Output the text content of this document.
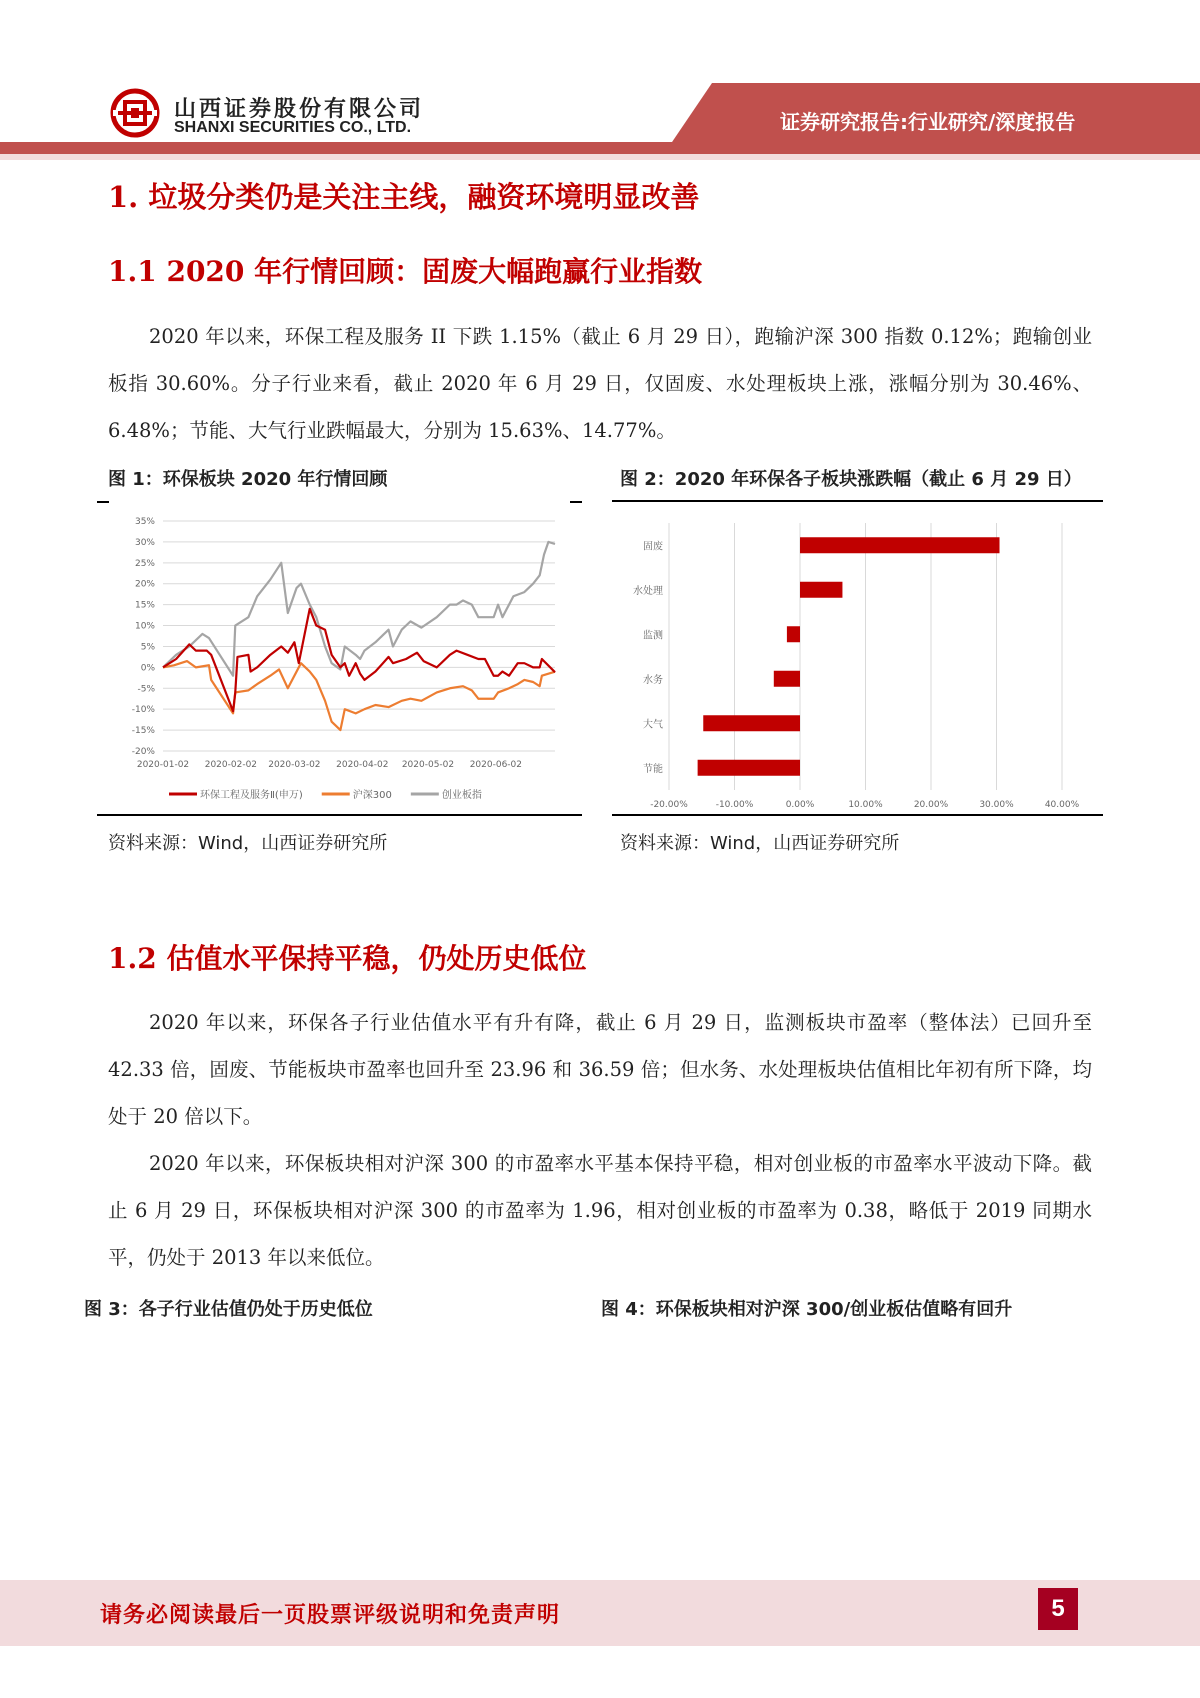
山西证券股份有限公司
SHANXI SECURITIES CO., LTD.	证券研究报告:行业研究/深度报告
1. 垃圾分类仍是关注主线，融资环境明显改善
1.1 2020 年行情回顾：固废大幅跑赢行业指数

2020 年以来，环保工程及服务 II 下跌 1.15%（截止 6 月 29 日），跑输沪深 300 指数 0.12%；跑输创业板指 30.60%。分子行业来看，截止 2020 年 6 月 29 日，仅固废、水处理板块上涨，涨幅分别为 30.46%、6.48%；节能、大气行业跌幅最大，分别为 15.63%、14.77%。

图 1：环保板块 2020 年行情回顾	图 2：2020 年环保各子板块涨跌幅（截止 6 月 29 日）
-20%
-15%
-10%
-5%
0%
5%
10%
15%
20%
25%
30%
35%
2020-01-02 2020-02-02 2020-03-02 2020-04-02 2020-05-02 2020-06-02
环保工程及服务Ⅱ(申万)	沪深300	创业板指
-20.00%	-10.00%	0.00%	10.00%	20.00%	30.00%	40.00%
固废
水处理
监测
水务
大气
节能
资料来源：Wind，山西证券研究所	资料来源：Wind，山西证券研究所
1.2 估值水平保持平稳，仍处历史低位

2020 年以来，环保各子行业估值水平有升有降，截止 6 月 29 日，监测板块市盈率（整体法）已回升至 42.33 倍，固废、节能板块市盈率也回升至 23.96 和 36.59 倍；但水务、水处理板块估值相比年初有所下降，均处于 20 倍以下。

2020 年以来，环保板块相对沪深 300 的市盈率水平基本保持平稳，相对创业板的市盈率水平波动下降。截止 6 月 29 日，环保板块相对沪深 300 的市盈率为 1.96，相对创业板的市盈率为 0.38，略低于 2019 同期水平，仍处于 2013 年以来低位。

图 3：各子行业估值仍处于历史低位	图 4：环保板块相对沪深 300/创业板估值略有回升
请务必阅读最后一页股票评级说明和免责声明	5
